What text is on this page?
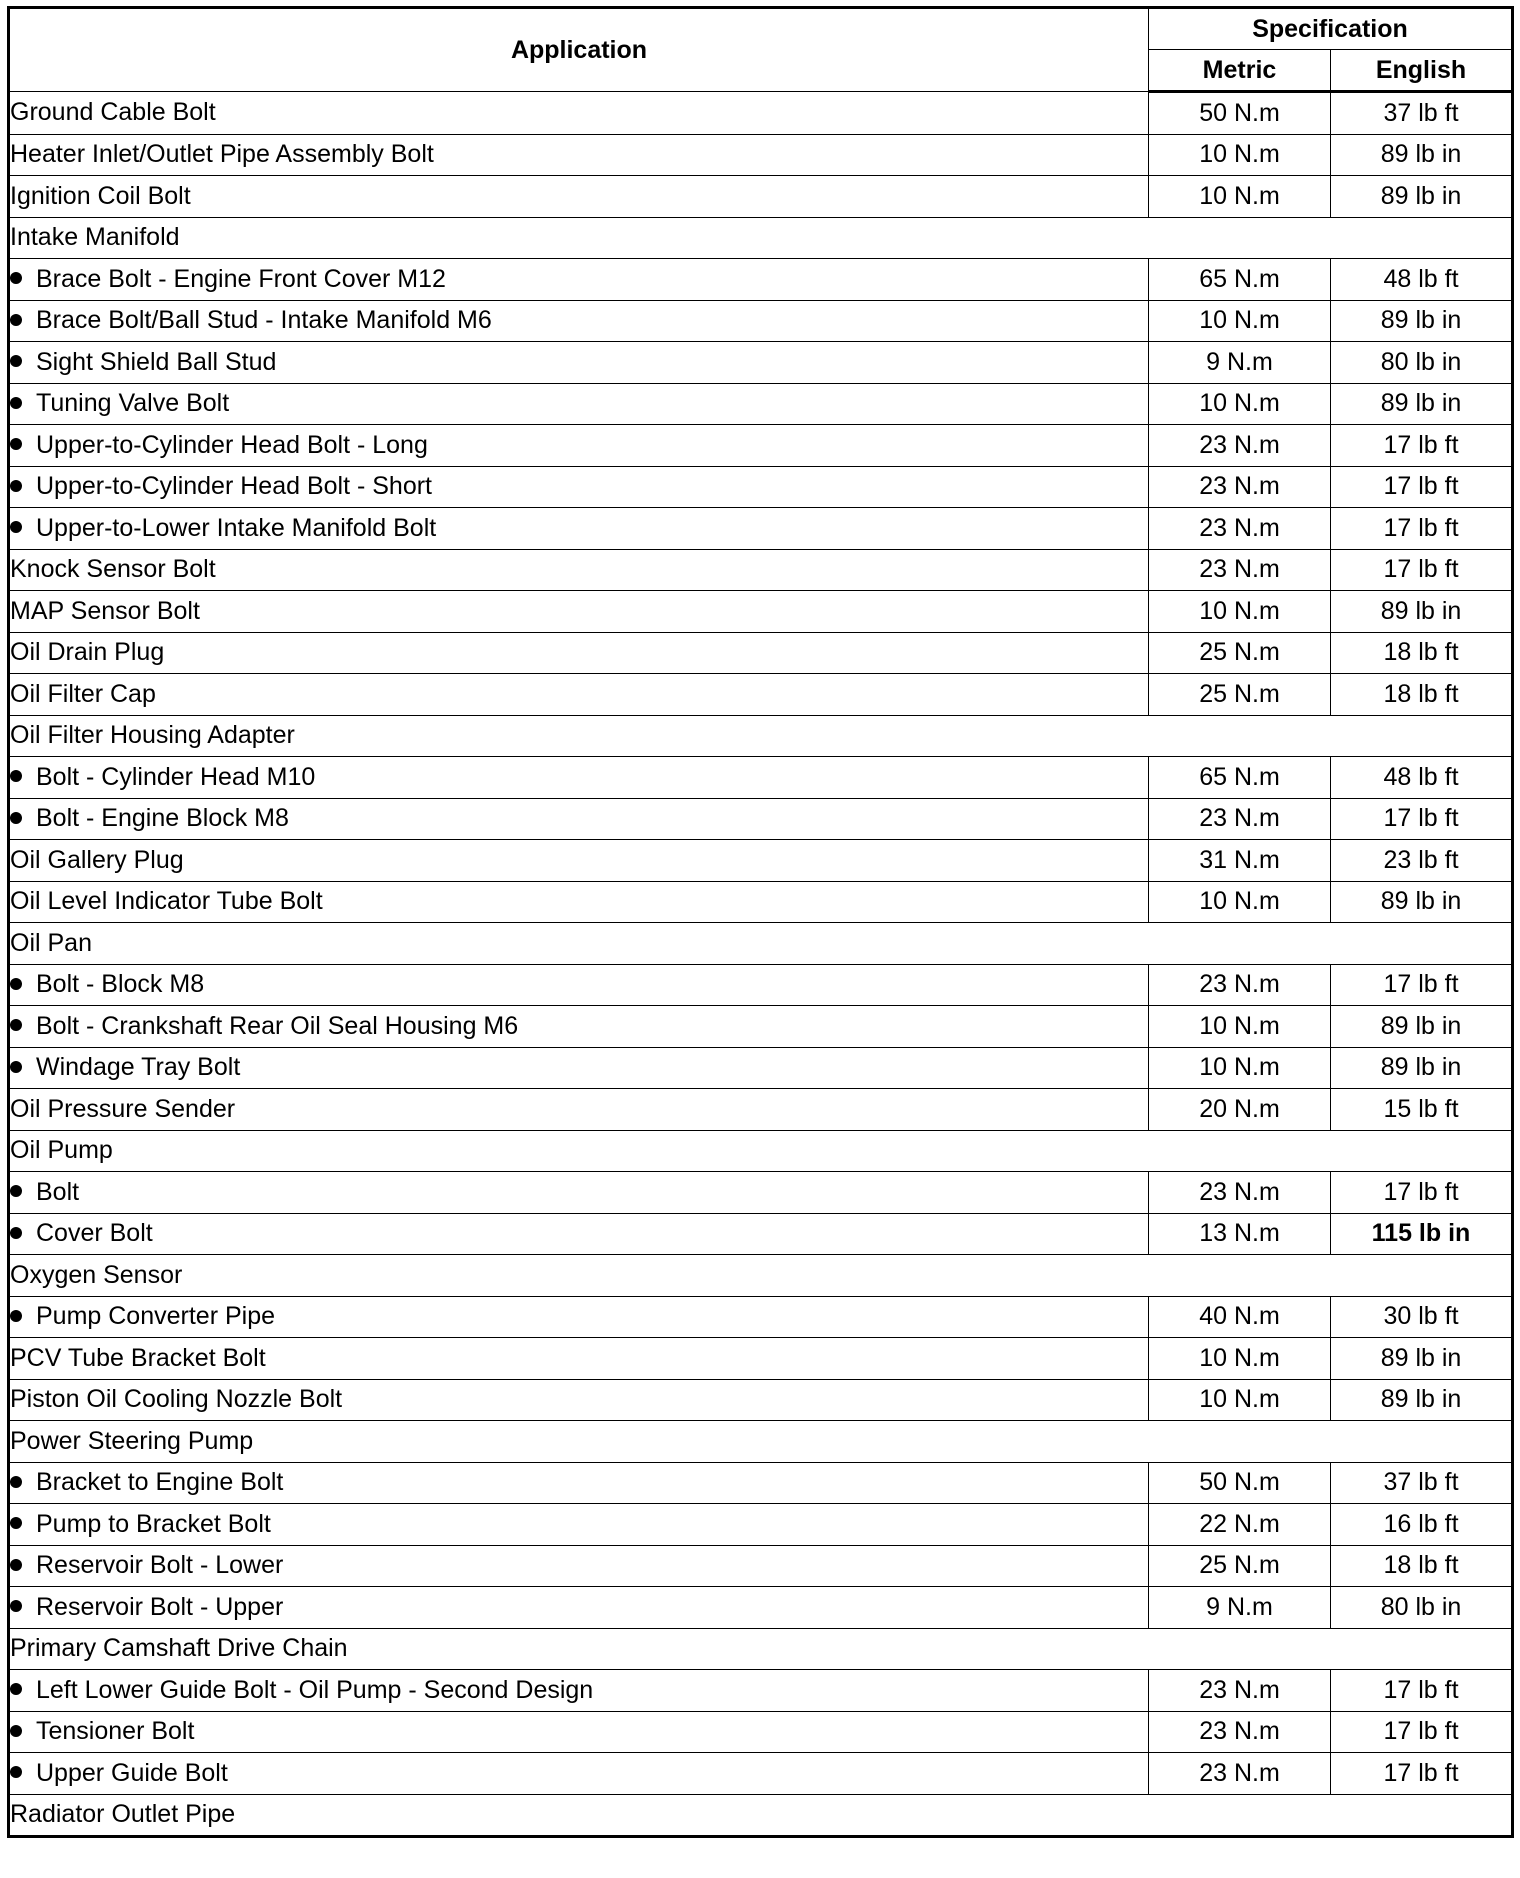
Application	Specification	
	Metric	English
Ground Cable Bolt	50 N.m	37 lb ft
Heater Inlet/Outlet Pipe Assembly Bolt	10 N.m	89 lb in
Ignition Coil Bolt	10 N.m	89 lb in
Intake Manifold		
Brace Bolt - Engine Front Cover M12	65 N.m	48 lb ft
Brace Bolt/Ball Stud - Intake Manifold M6	10 N.m	89 lb in
Sight Shield Ball Stud	9 N.m	80 lb in
Tuning Valve Bolt	10 N.m	89 lb in
Upper-to-Cylinder Head Bolt - Long	23 N.m	17 lb ft
Upper-to-Cylinder Head Bolt - Short	23 N.m	17 lb ft
Upper-to-Lower Intake Manifold Bolt	23 N.m	17 lb ft
Knock Sensor Bolt	23 N.m	17 lb ft
MAP Sensor Bolt	10 N.m	89 lb in
Oil Drain Plug	25 N.m	18 lb ft
Oil Filter Cap	25 N.m	18 lb ft
Oil Filter Housing Adapter		
Bolt - Cylinder Head M10	65 N.m	48 lb ft
Bolt - Engine Block M8	23 N.m	17 lb ft
Oil Gallery Plug	31 N.m	23 lb ft
Oil Level Indicator Tube Bolt	10 N.m	89 lb in
Oil Pan		
Bolt - Block M8	23 N.m	17 lb ft
Bolt - Crankshaft Rear Oil Seal Housing M6	10 N.m	89 lb in
Windage Tray Bolt	10 N.m	89 lb in
Oil Pressure Sender	20 N.m	15 lb ft
Oil Pump		
Bolt	23 N.m	17 lb ft
Cover Bolt	13 N.m	115 lb in
Oxygen Sensor		
Pump Converter Pipe	40 N.m	30 lb ft
PCV Tube Bracket Bolt	10 N.m	89 lb in
Piston Oil Cooling Nozzle Bolt	10 N.m	89 lb in
Power Steering Pump		
Bracket to Engine Bolt	50 N.m	37 lb ft
Pump to Bracket Bolt	22 N.m	16 lb ft
Reservoir Bolt - Lower	25 N.m	18 lb ft
Reservoir Bolt - Upper	9 N.m	80 lb in
Primary Camshaft Drive Chain		
Left Lower Guide Bolt - Oil Pump - Second Design	23 N.m	17 lb ft
Tensioner Bolt	23 N.m	17 lb ft
Upper Guide Bolt	23 N.m	17 lb ft
Radiator Outlet Pipe		
